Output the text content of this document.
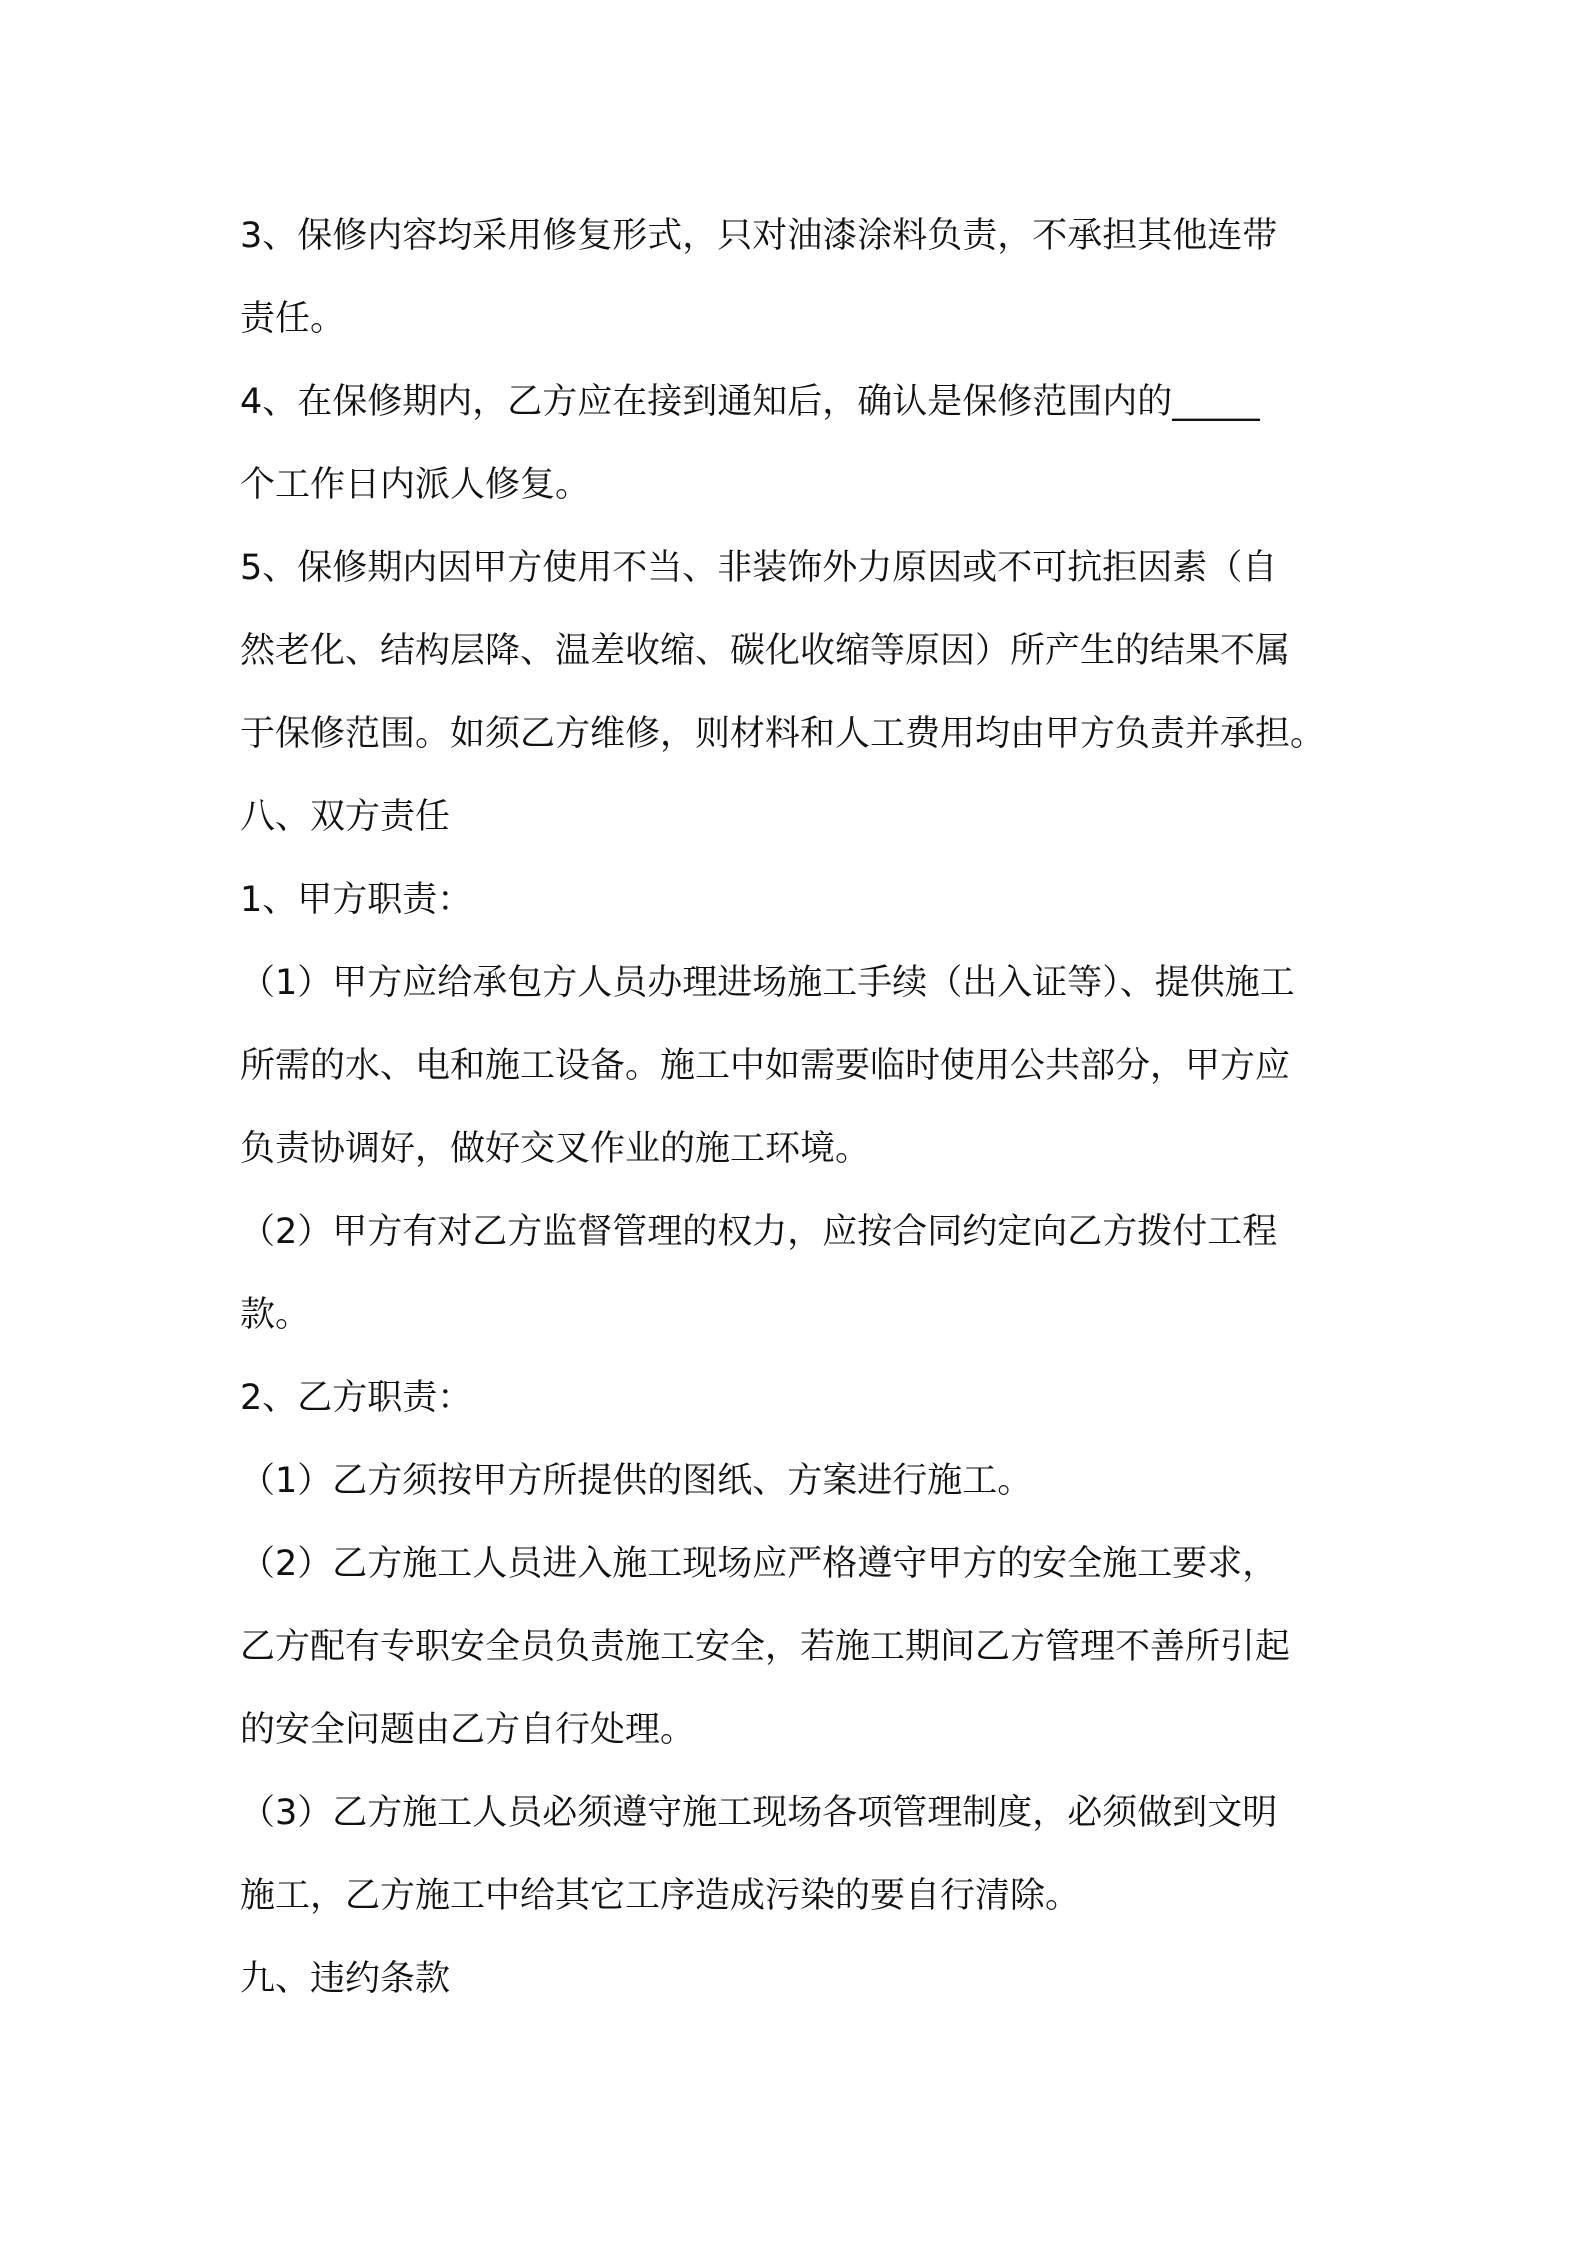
3、保修内容均采用修复形式，只对油漆涂料负责，不承担其他连带
责任。

4、在保修期内，乙方应在接到通知后，确认是保修范围内的_____
个工作日内派人修复。

5、保修期内因甲方使用不当、非装饰外力原因或不可抗拒因素（自
然老化、结构层降、温差收缩、碳化收缩等原因）所产生的结果不属
于保修范围。如须乙方维修，则材料和人工费用均由甲方负责并承担。

八、双方责任

1、甲方职责：

（1）甲方应给承包方人员办理进场施工手续（出入证等）、提供施工
所需的水、电和施工设备。施工中如需要临时使用公共部分，甲方应
负责协调好，做好交叉作业的施工环境。

（2）甲方有对乙方监督管理的权力，应按合同约定向乙方拨付工程
款。

2、乙方职责：

（1）乙方须按甲方所提供的图纸、方案进行施工。

（2）乙方施工人员进入施工现场应严格遵守甲方的安全施工要求，
乙方配有专职安全员负责施工安全，若施工期间乙方管理不善所引起
的安全问题由乙方自行处理。

（3）乙方施工人员必须遵守施工现场各项管理制度，必须做到文明
施工，乙方施工中给其它工序造成污染的要自行清除。

九、违约条款
